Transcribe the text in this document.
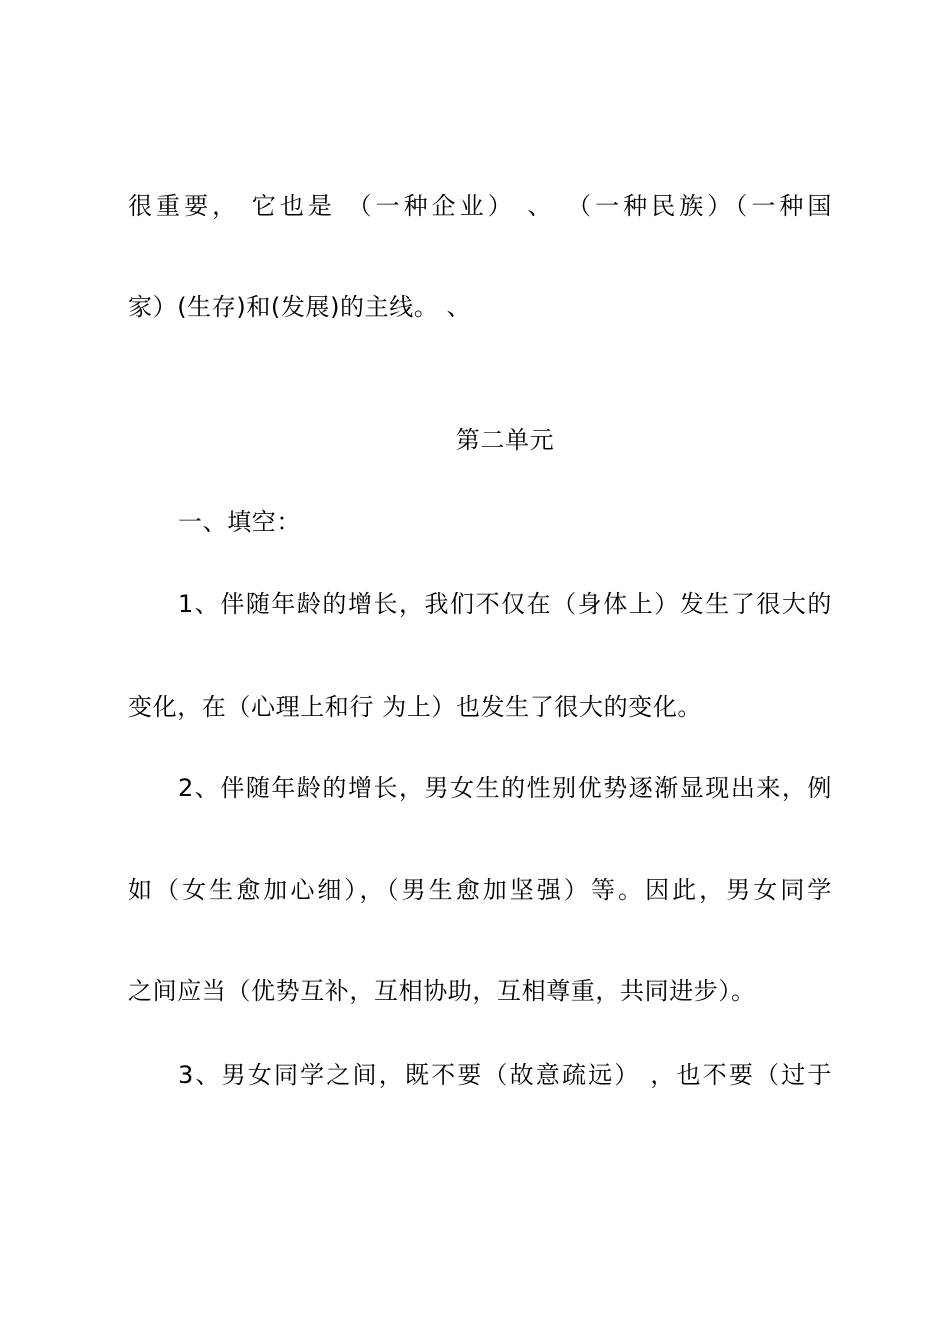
很重要， 它也是 （一种企业） 、 （一种民族）（一种国
家）(生存)和(发展)的主线。 、
第二单元
一、填空：
1、伴随年龄的增长，我们不仅在（身体上）发生了很大的
变化，在（心理上和行 为上）也发生了很大的变化。
2、伴随年龄的增长，男女生的性别优势逐渐显现出来，例
如（女生愈加心细），（男生愈加坚强）等。因此，男女同学
之间应当（优势互补，互相协助，互相尊重，共同进步）。
3、男女同学之间，既不要（故意疏远） ，也不要（过于
